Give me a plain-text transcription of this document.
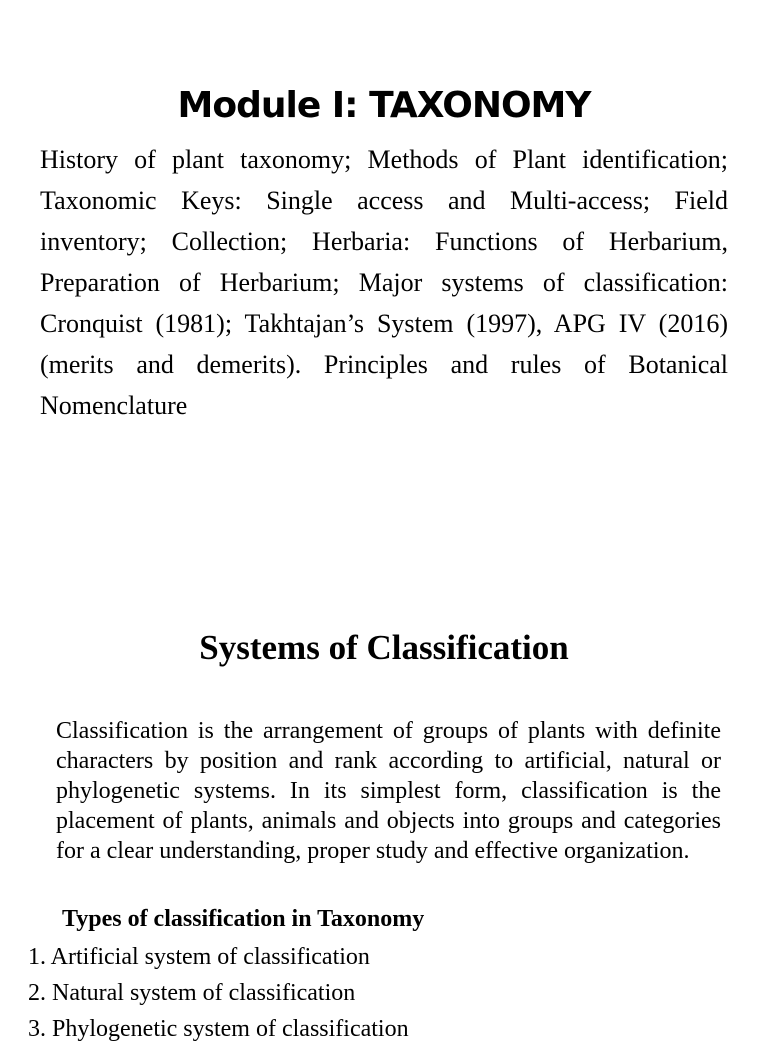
Module I: TAXONOMY

History of plant taxonomy; Methods of Plant identification; Taxonomic Keys: Single access and Multi-access; Field inventory; Collection; Herbaria: Functions of Herbarium, Preparation of Herbarium; Major systems of classification: Cronquist (1981); Takhtajan’s System (1997), APG IV (2016) (merits and demerits). Principles and rules of Botanical Nomenclature

Systems of Classification

Classification is the arrangement of groups of plants with definite characters by position and rank according to artificial, natural or phylogenetic systems. In its simplest form, classification is the placement of plants, animals and objects into groups and categories for a clear understanding, proper study and effective organization.

Types of classification in Taxonomy
1. Artificial system of classification
2. Natural system of classification
3. Phylogenetic system of classification
